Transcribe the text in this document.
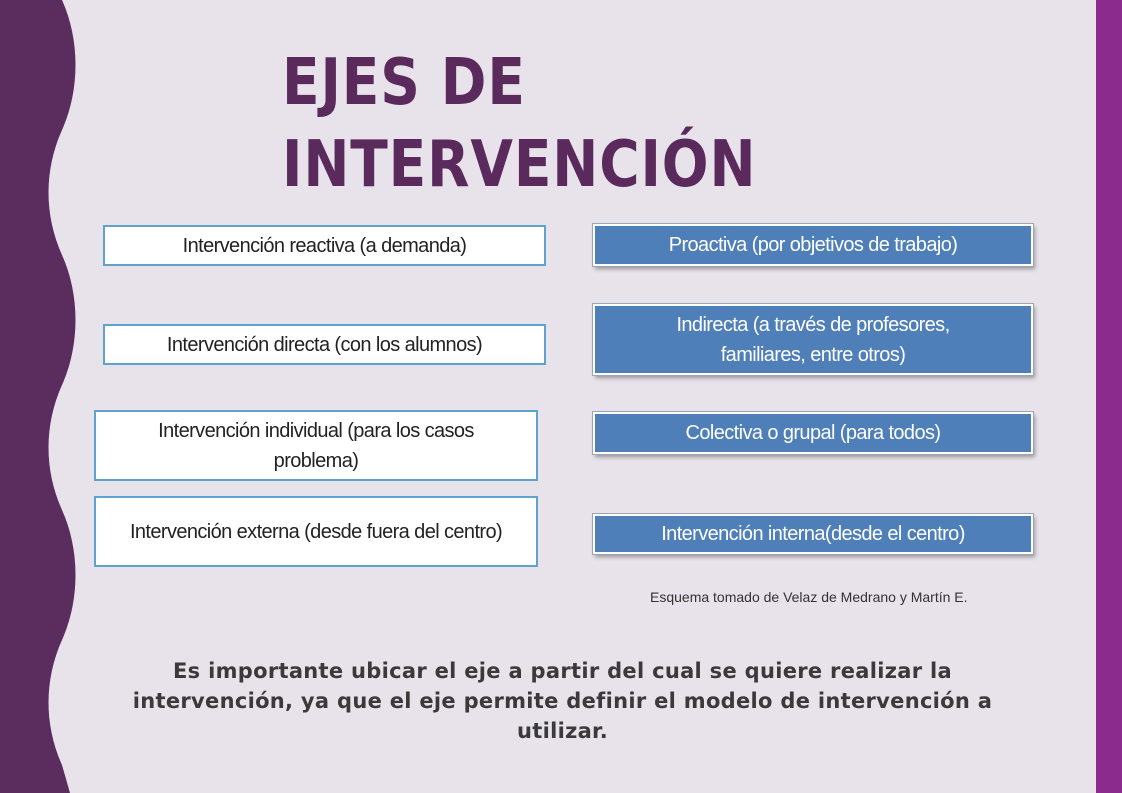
EJES DE
INTERVENCIÓN
Intervención reactiva (a demanda)
Intervención directa (con los alumnos)
Intervención individual (para los casos problema)
Intervención externa (desde fuera del centro)
Proactiva (por objetivos de trabajo)
Indirecta (a través de profesores, familiares, entre otros)
Colectiva o grupal (para todos)
Intervención interna(desde el centro)
Esquema tomado de Velaz de Medrano y Martín E.
Es importante ubicar el eje a partir del cual se quiere realizar la intervención, ya que el eje permite definir el modelo de intervención a utilizar.
